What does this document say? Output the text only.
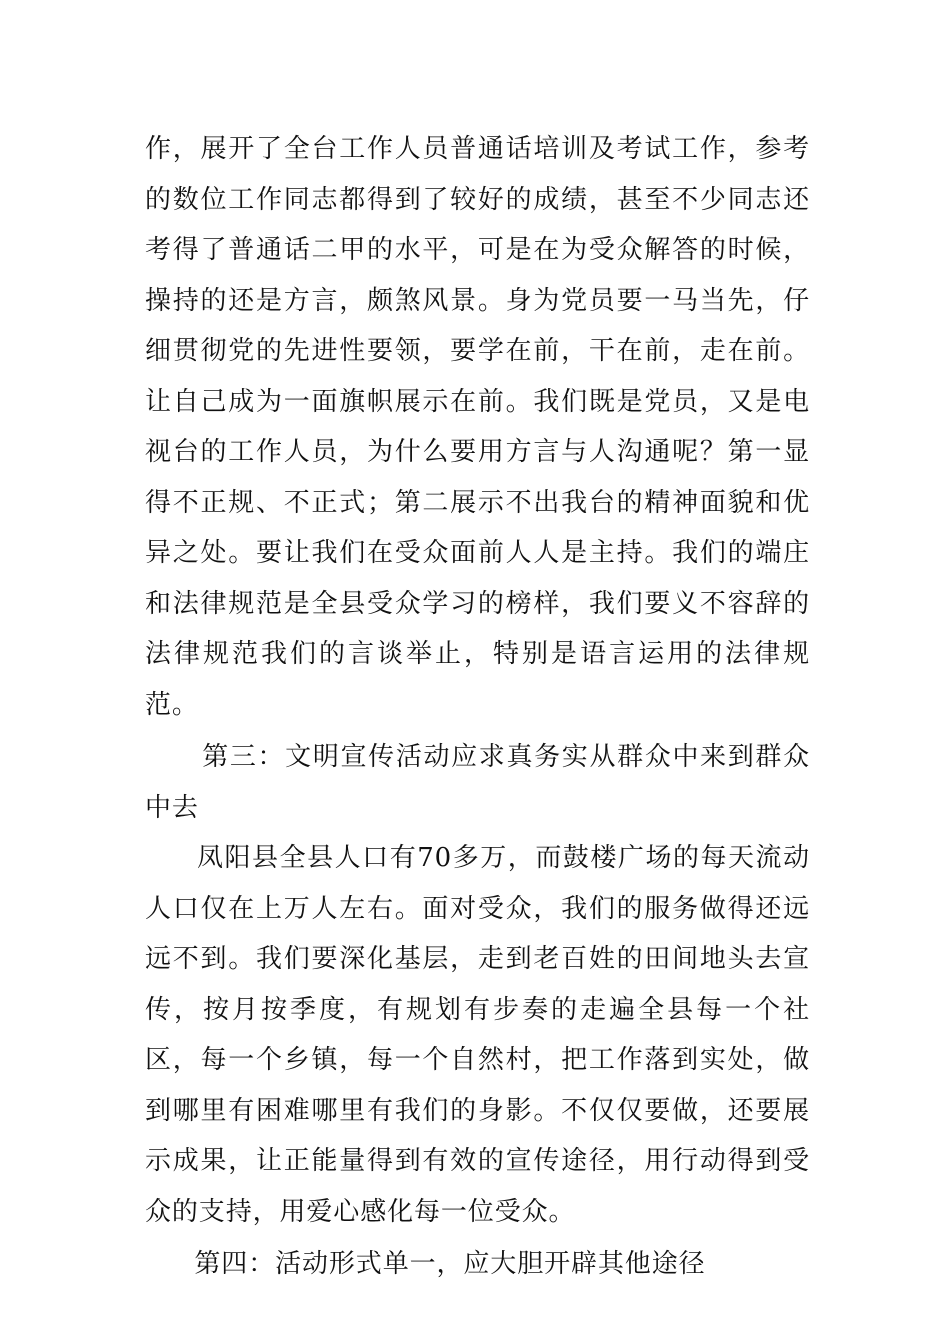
作，展开了全台工作人员普通话培训及考试工作，参考的数位工作同志都得到了较好的成绩，甚至不少同志还考得了普通话二甲的水平，可是在为受众解答的时候，操持的还是方言，颇煞风景。身为党员要一马当先，仔细贯彻党的先进性要领，要学在前，干在前，走在前。让自己成为一面旗帜展示在前。我们既是党员，又是电视台的工作人员，为什么要用方言与人沟通呢？第一显得不正规、不正式；第二展示不出我台的精神面貌和优异之处。要让我们在受众面前人人是主持。我们的端庄和法律规范是全县受众学习的榜样，我们要义不容辞的法律规范我们的言谈举止，特别是语言运用的法律规范。

第三：文明宣传活动应求真务实从群众中来到群众中去

凤阳县全县人口有70多万，而鼓楼广场的每天流动人口仅在上万人左右。面对受众，我们的服务做得还远远不到。我们要深化基层，走到老百姓的田间地头去宣传，按月按季度，有规划有步奏的走遍全县每一个社区，每一个乡镇，每一个自然村，把工作落到实处，做到哪里有困难哪里有我们的身影。不仅仅要做，还要展示成果，让正能量得到有效的宣传途径，用行动得到受众的支持，用爱心感化每一位受众。

第四：活动形式单一，应大胆开辟其他途径
